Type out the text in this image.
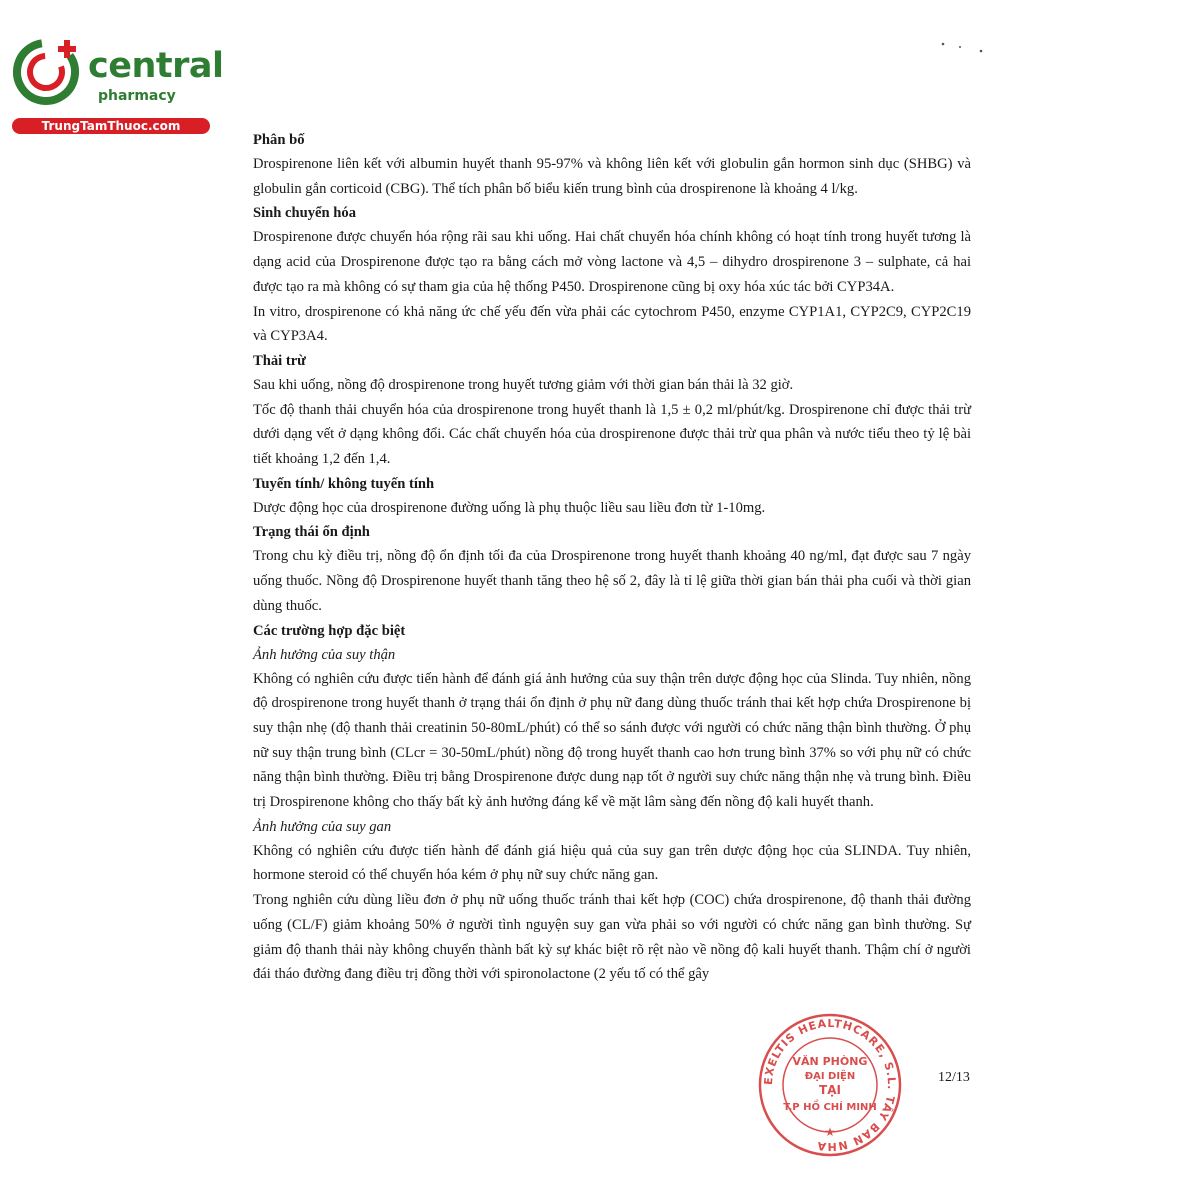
central
pharmacy
TrungTamThuoc.com

Phân bố

Drospirenone liên kết với albumin huyết thanh 95-97% và không liên kết với globulin gắn hormon sinh dục (SHBG) và globulin gắn corticoid (CBG). Thể tích phân bố biểu kiến trung bình của drospirenone là khoảng 4 l/kg.

Sinh chuyển hóa

Drospirenone được chuyển hóa rộng rãi sau khi uống. Hai chất chuyển hóa chính không có hoạt tính trong huyết tương là dạng acid của Drospirenone được tạo ra bằng cách mở vòng lactone và 4,5 – dihydro drospirenone 3 – sulphate, cả hai được tạo ra mà không có sự tham gia của hệ thống P450. Drospirenone cũng bị oxy hóa xúc tác bởi CYP34A.

In vitro, drospirenone có khả năng ức chế yếu đến vừa phải các cytochrom P450, enzyme CYP1A1, CYP2C9, CYP2C19 và CYP3A4.

Thải trừ

Sau khi uống, nồng độ drospirenone trong huyết tương giảm với thời gian bán thải là 32 giờ.

Tốc độ thanh thải chuyển hóa của drospirenone trong huyết thanh là 1,5 ± 0,2 ml/phút/kg. Drospirenone chỉ được thải trừ dưới dạng vết ở dạng không đổi. Các chất chuyển hóa của drospirenone được thải trừ qua phân và nước tiểu theo tỷ lệ bài tiết khoảng 1,2 đến 1,4.

Tuyến tính/ không tuyến tính

Dược động học của drospirenone đường uống là phụ thuộc liều sau liều đơn từ 1-10mg.

Trạng thái ổn định

Trong chu kỳ điều trị, nồng độ ổn định tối đa của Drospirenone trong huyết thanh khoảng 40 ng/ml, đạt được sau 7 ngày uống thuốc. Nồng độ Drospirenone huyết thanh tăng theo hệ số 2, đây là tỉ lệ giữa thời gian bán thải pha cuối và thời gian dùng thuốc.

Các trường hợp đặc biệt

Ảnh hưởng của suy thận

Không có nghiên cứu được tiến hành để đánh giá ảnh hưởng của suy thận trên dược động học của Slinda. Tuy nhiên, nồng độ drospirenone trong huyết thanh ở trạng thái ổn định ở phụ nữ đang dùng thuốc tránh thai kết hợp chứa Drospirenone bị suy thận nhẹ (độ thanh thải creatinin 50-80mL/phút) có thể so sánh được với người có chức năng thận bình thường. Ở phụ nữ suy thận trung bình (CLcr = 30-50mL/phút) nồng độ trong huyết thanh cao hơn trung bình 37% so với phụ nữ có chức năng thận bình thường. Điều trị bằng Drospirenone được dung nạp tốt ở người suy chức năng thận nhẹ và trung bình. Điều trị Drospirenone không cho thấy bất kỳ ảnh hưởng đáng kể về mặt lâm sàng đến nồng độ kali huyết thanh.

Ảnh hưởng của suy gan

Không có nghiên cứu được tiến hành để đánh giá hiệu quả của suy gan trên dược động học của SLINDA. Tuy nhiên, hormone steroid có thể chuyển hóa kém ở phụ nữ suy chức năng gan.

Trong nghiên cứu dùng liều đơn ở phụ nữ uống thuốc tránh thai kết hợp (COC) chứa drospirenone, độ thanh thải đường uống (CL/F) giảm khoảng 50% ở người tình nguyện suy gan vừa phải so với người có chức năng gan bình thường. Sự giảm độ thanh thải này không chuyển thành bất kỳ sự khác biệt rõ rệt nào về nồng độ kali huyết thanh. Thậm chí ở người đái tháo đường đang điều trị đồng thời với spironolactone (2 yếu tố có thể gây

12/13
EXELTIS HEALTHCARE, S.L. TÂY BAN NHA
VĂN PHÒNG
ĐẠI DIỆN
TẠI
T.P HỒ CHÍ MINH
★
